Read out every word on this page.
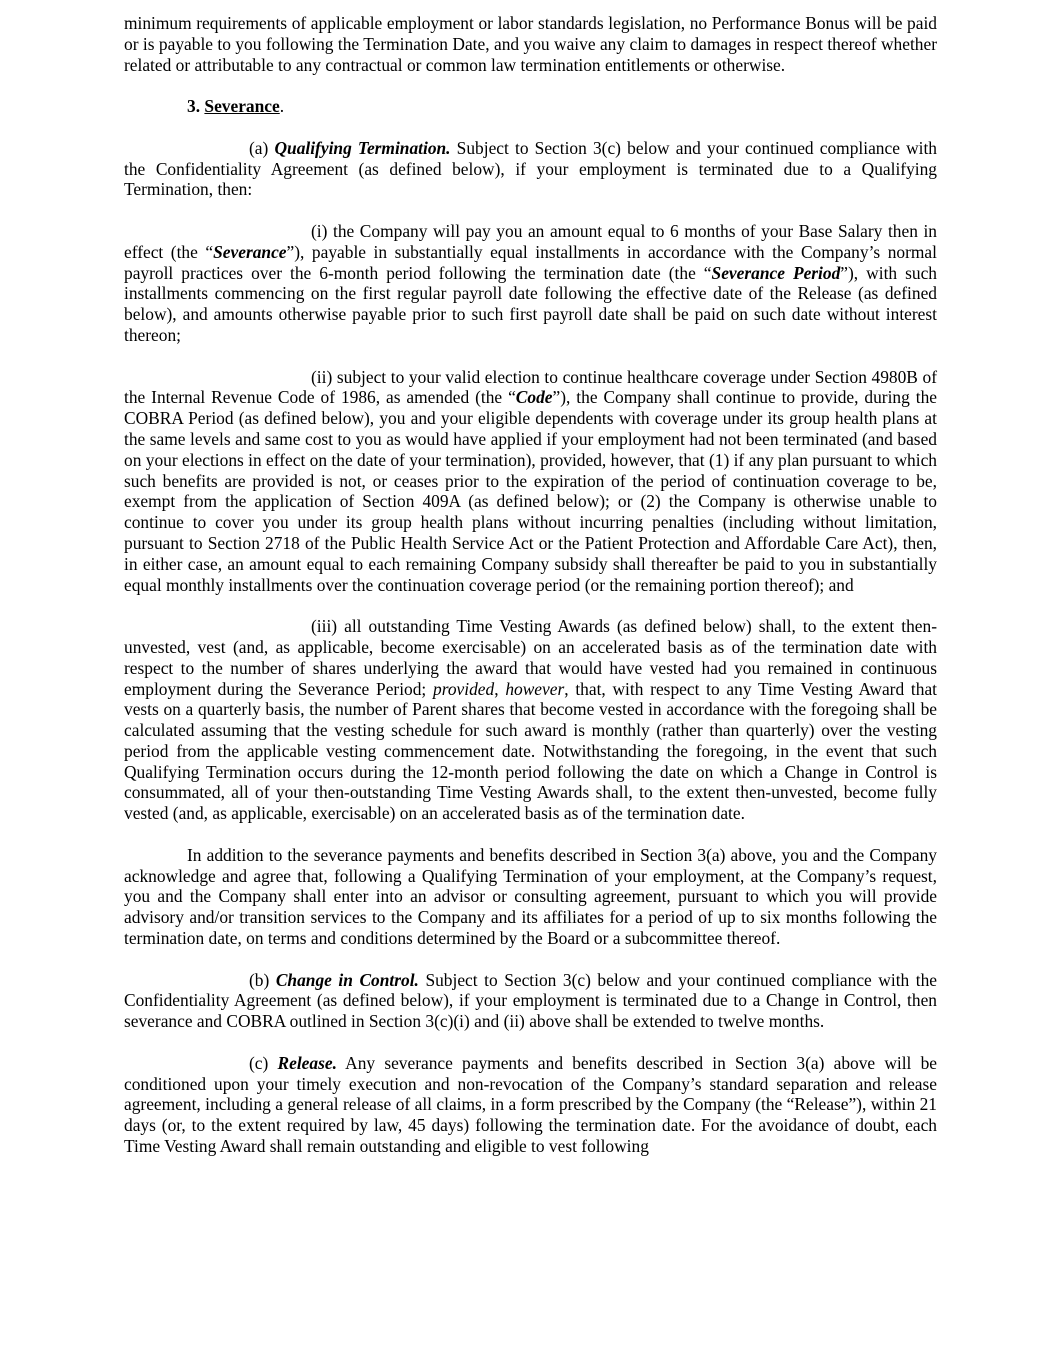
minimum requirements of applicable employment or labor standards legislation, no Performance Bonus will be paid or is payable to you following the Termination Date, and you waive any claim to damages in respect thereof whether related or attributable to any contractual or common law termination entitlements or otherwise.

3. Severance.

(a) Qualifying Termination. Subject to Section 3(c) below and your continued compliance with the Confidentiality Agreement (as defined below), if your employment is terminated due to a Qualifying Termination, then:

(i) the Company will pay you an amount equal to 6 months of your Base Salary then in effect (the “Severance”), payable in substantially equal installments in accordance with the Company’s normal payroll practices over the 6-month period following the termination date (the “Severance Period”), with such installments commencing on the first regular payroll date following the effective date of the Release (as defined below), and amounts otherwise payable prior to such first payroll date shall be paid on such date without interest thereon;

(ii) subject to your valid election to continue healthcare coverage under Section 4980B of the Internal Revenue Code of 1986, as amended (the “Code”), the Company shall continue to provide, during the COBRA Period (as defined below), you and your eligible dependents with coverage under its group health plans at the same levels and same cost to you as would have applied if your employment had not been terminated (and based on your elections in effect on the date of your termination), provided, however, that (1) if any plan pursuant to which such benefits are provided is not, or ceases prior to the expiration of the period of continuation coverage to be, exempt from the application of Section 409A (as defined below); or (2) the Company is otherwise unable to continue to cover you under its group health plans without incurring penalties (including without limitation, pursuant to Section 2718 of the Public Health Service Act or the Patient Protection and Affordable Care Act), then, in either case, an amount equal to each remaining Company subsidy shall thereafter be paid to you in substantially equal monthly installments over the continuation coverage period (or the remaining portion thereof); and

(iii) all outstanding Time Vesting Awards (as defined below) shall, to the extent then-unvested, vest (and, as applicable, become exercisable) on an accelerated basis as of the termination date with respect to the number of shares underlying the award that would have vested had you remained in continuous employment during the Severance Period; provided, however, that, with respect to any Time Vesting Award that vests on a quarterly basis, the number of Parent shares that become vested in accordance with the foregoing shall be calculated assuming that the vesting schedule for such award is monthly (rather than quarterly) over the vesting period from the applicable vesting commencement date. Notwithstanding the foregoing, in the event that such Qualifying Termination occurs during the 12-month period following the date on which a Change in Control is consummated, all of your then-outstanding Time Vesting Awards shall, to the extent then-unvested, become fully vested (and, as applicable, exercisable) on an accelerated basis as of the termination date.

In addition to the severance payments and benefits described in Section 3(a) above, you and the Company acknowledge and agree that, following a Qualifying Termination of your employment, at the Company’s request, you and the Company shall enter into an advisor or consulting agreement, pursuant to which you will provide advisory and/or transition services to the Company and its affiliates for a period of up to six months following the termination date, on terms and conditions determined by the Board or a subcommittee thereof.

(b) Change in Control. Subject to Section 3(c) below and your continued compliance with the Confidentiality Agreement (as defined below), if your employment is terminated due to a Change in Control, then severance and COBRA outlined in Section 3(c)(i) and (ii) above shall be extended to twelve months.

(c) Release. Any severance payments and benefits described in Section 3(a) above will be conditioned upon your timely execution and non-revocation of the Company’s standard separation and release agreement, including a general release of all claims, in a form prescribed by the Company (the “Release”), within 21 days (or, to the extent required by law, 45 days) following the termination date. For the avoidance of doubt, each Time Vesting Award shall remain outstanding and eligible to vest following
